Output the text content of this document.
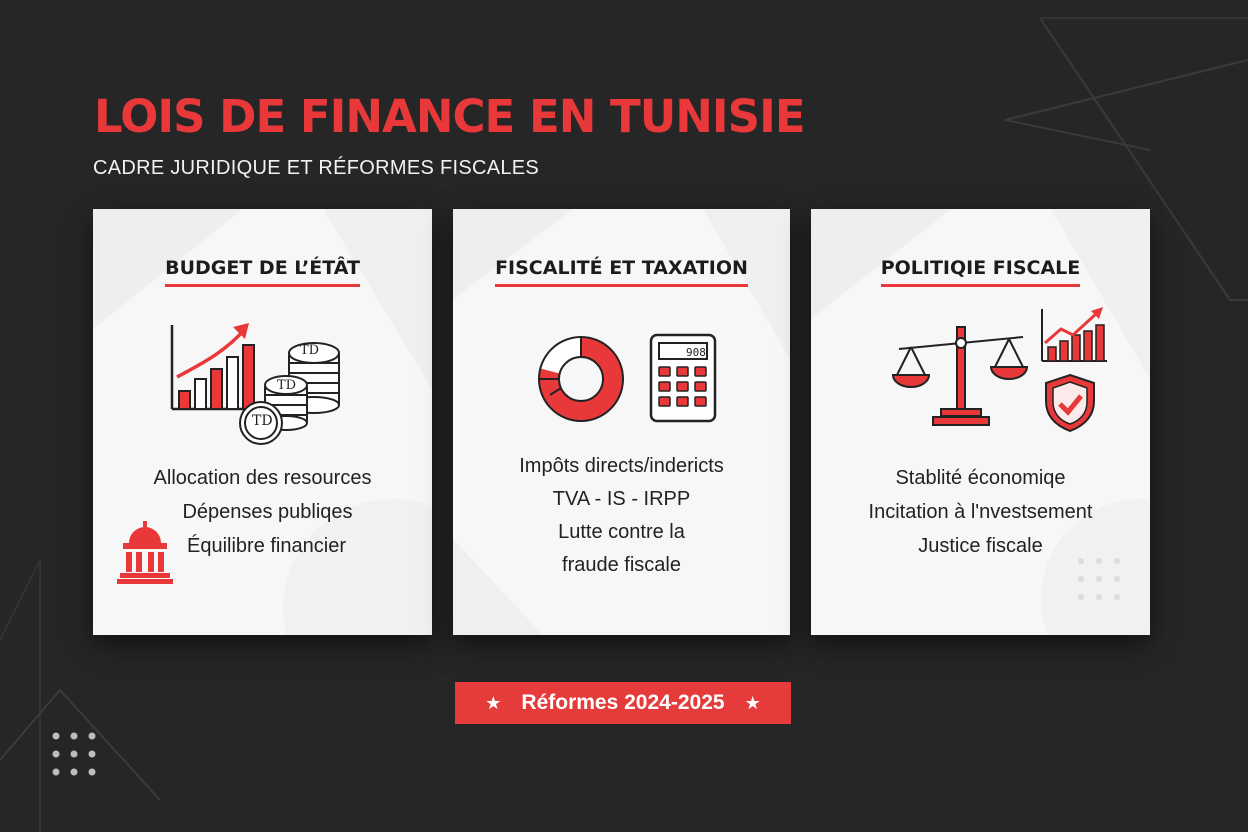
LOIS DE FINANCE EN TUNISIE

CADRE JURIDIQUE ET RÉFORMES FISCALES

BUDGET DE L’ÉTÂT
TD
TD
TD
Allocation des resources
Dépenses publiqes
Équilibre financier
FISCALITÉ ET TAXATION
908
Impôts directs/indericts
TVA - IS - IRPP
Lutte contre la
fraude fiscale
POLITIQIE FISCALE
Stablité économiqe
Incitation à l'nvestsement
Justice fiscale
★ Réformes 2024-2025 ★
